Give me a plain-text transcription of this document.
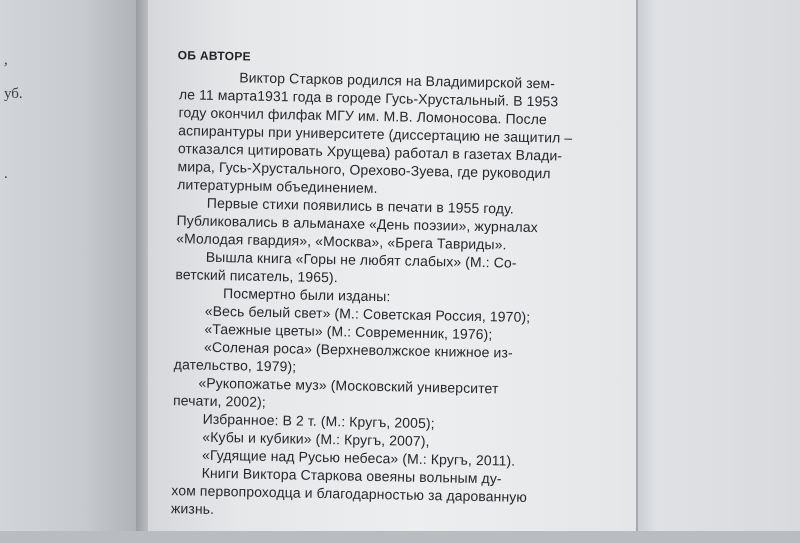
,
уб.
.
ОБ АВТОРЕ
Виктор Старков родился на Владимирской зем-
ле 11 марта1931 года в городе Гусь-Хрустальный. В 1953
году окончил филфак МГУ им. М.В. Ломоносова. После
аспирантуры при университете (диссертацию не защитил –
отказался цитировать Хрущева) работал в газетах Влади-
мира, Гусь-Хрустального, Орехово-Зуева, где руководил
литературным объединением.
Первые стихи появились в печати в 1955 году.
Публиковались в альманахе «День поэзии», журналах
«Молодая гвардия», «Москва», «Брега Тавриды».
Вышла книга «Горы не любят слабых» (М.: Со-
ветский писатель, 1965).
Посмертно были изданы:
«Весь белый свет» (М.: Советская Россия, 1970);
«Таежные цветы» (М.: Современник, 1976);
«Соленая роса» (Верхневолжское книжное из-
дательство, 1979);
«Рукопожатье муз» (Московский университет
печати, 2002);
Избранное: В 2 т. (М.: Кругъ, 2005);
«Кубы и кубики» (М.: Кругъ, 2007),
«Гудящие над Русью небеса» (М.: Кругъ, 2011).
Книги Виктора Старкова овеяны вольным ду-
хом первопроходца и благодарностью за дарованную
жизнь.
